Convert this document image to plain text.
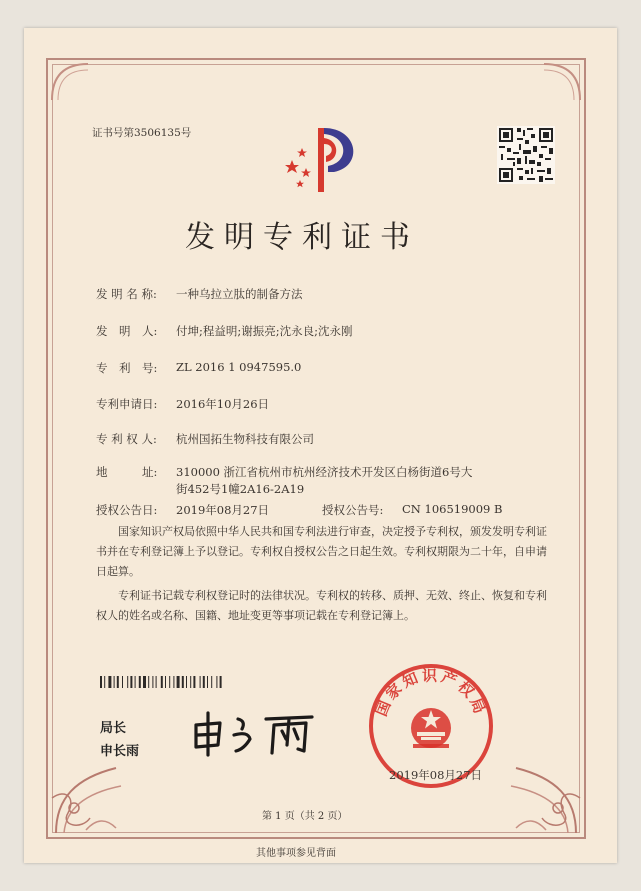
证书号第3506135号
发明专利证书
发 明 名 称: 一种乌拉立肽的制备方法
发　明　人: 付坤;程益明;谢振亮;沈永良;沈永刚
专　利　号: ZL 2016 1 0947595.0
专利申请日: 2016年10月26日
专 利 权 人: 杭州国拓生物科技有限公司
地　　　址: 310000 浙江省杭州市杭州经济技术开发区白杨街道6号大
街452号1幢2A16-2A19
授权公告日: 2019年08月27日	授权公告号: CN 106519009 B
国家知识产权局依照中华人民共和国专利法进行审查，决定授予专利权，颁发发明专利证书并在专利登记簿上予以登记。专利权自授权公告之日起生效。专利权期限为二十年，自申请日起算。
专利证书记载专利权登记时的法律状况。专利权的转移、质押、无效、终止、恢复和专利权人的姓名或名称、国籍、地址变更等事项记载在专利登记簿上。
局长
申长雨
国家知识产权局
2019年08月27日
第 1 页（共 2 页）
其他事项参见背面
